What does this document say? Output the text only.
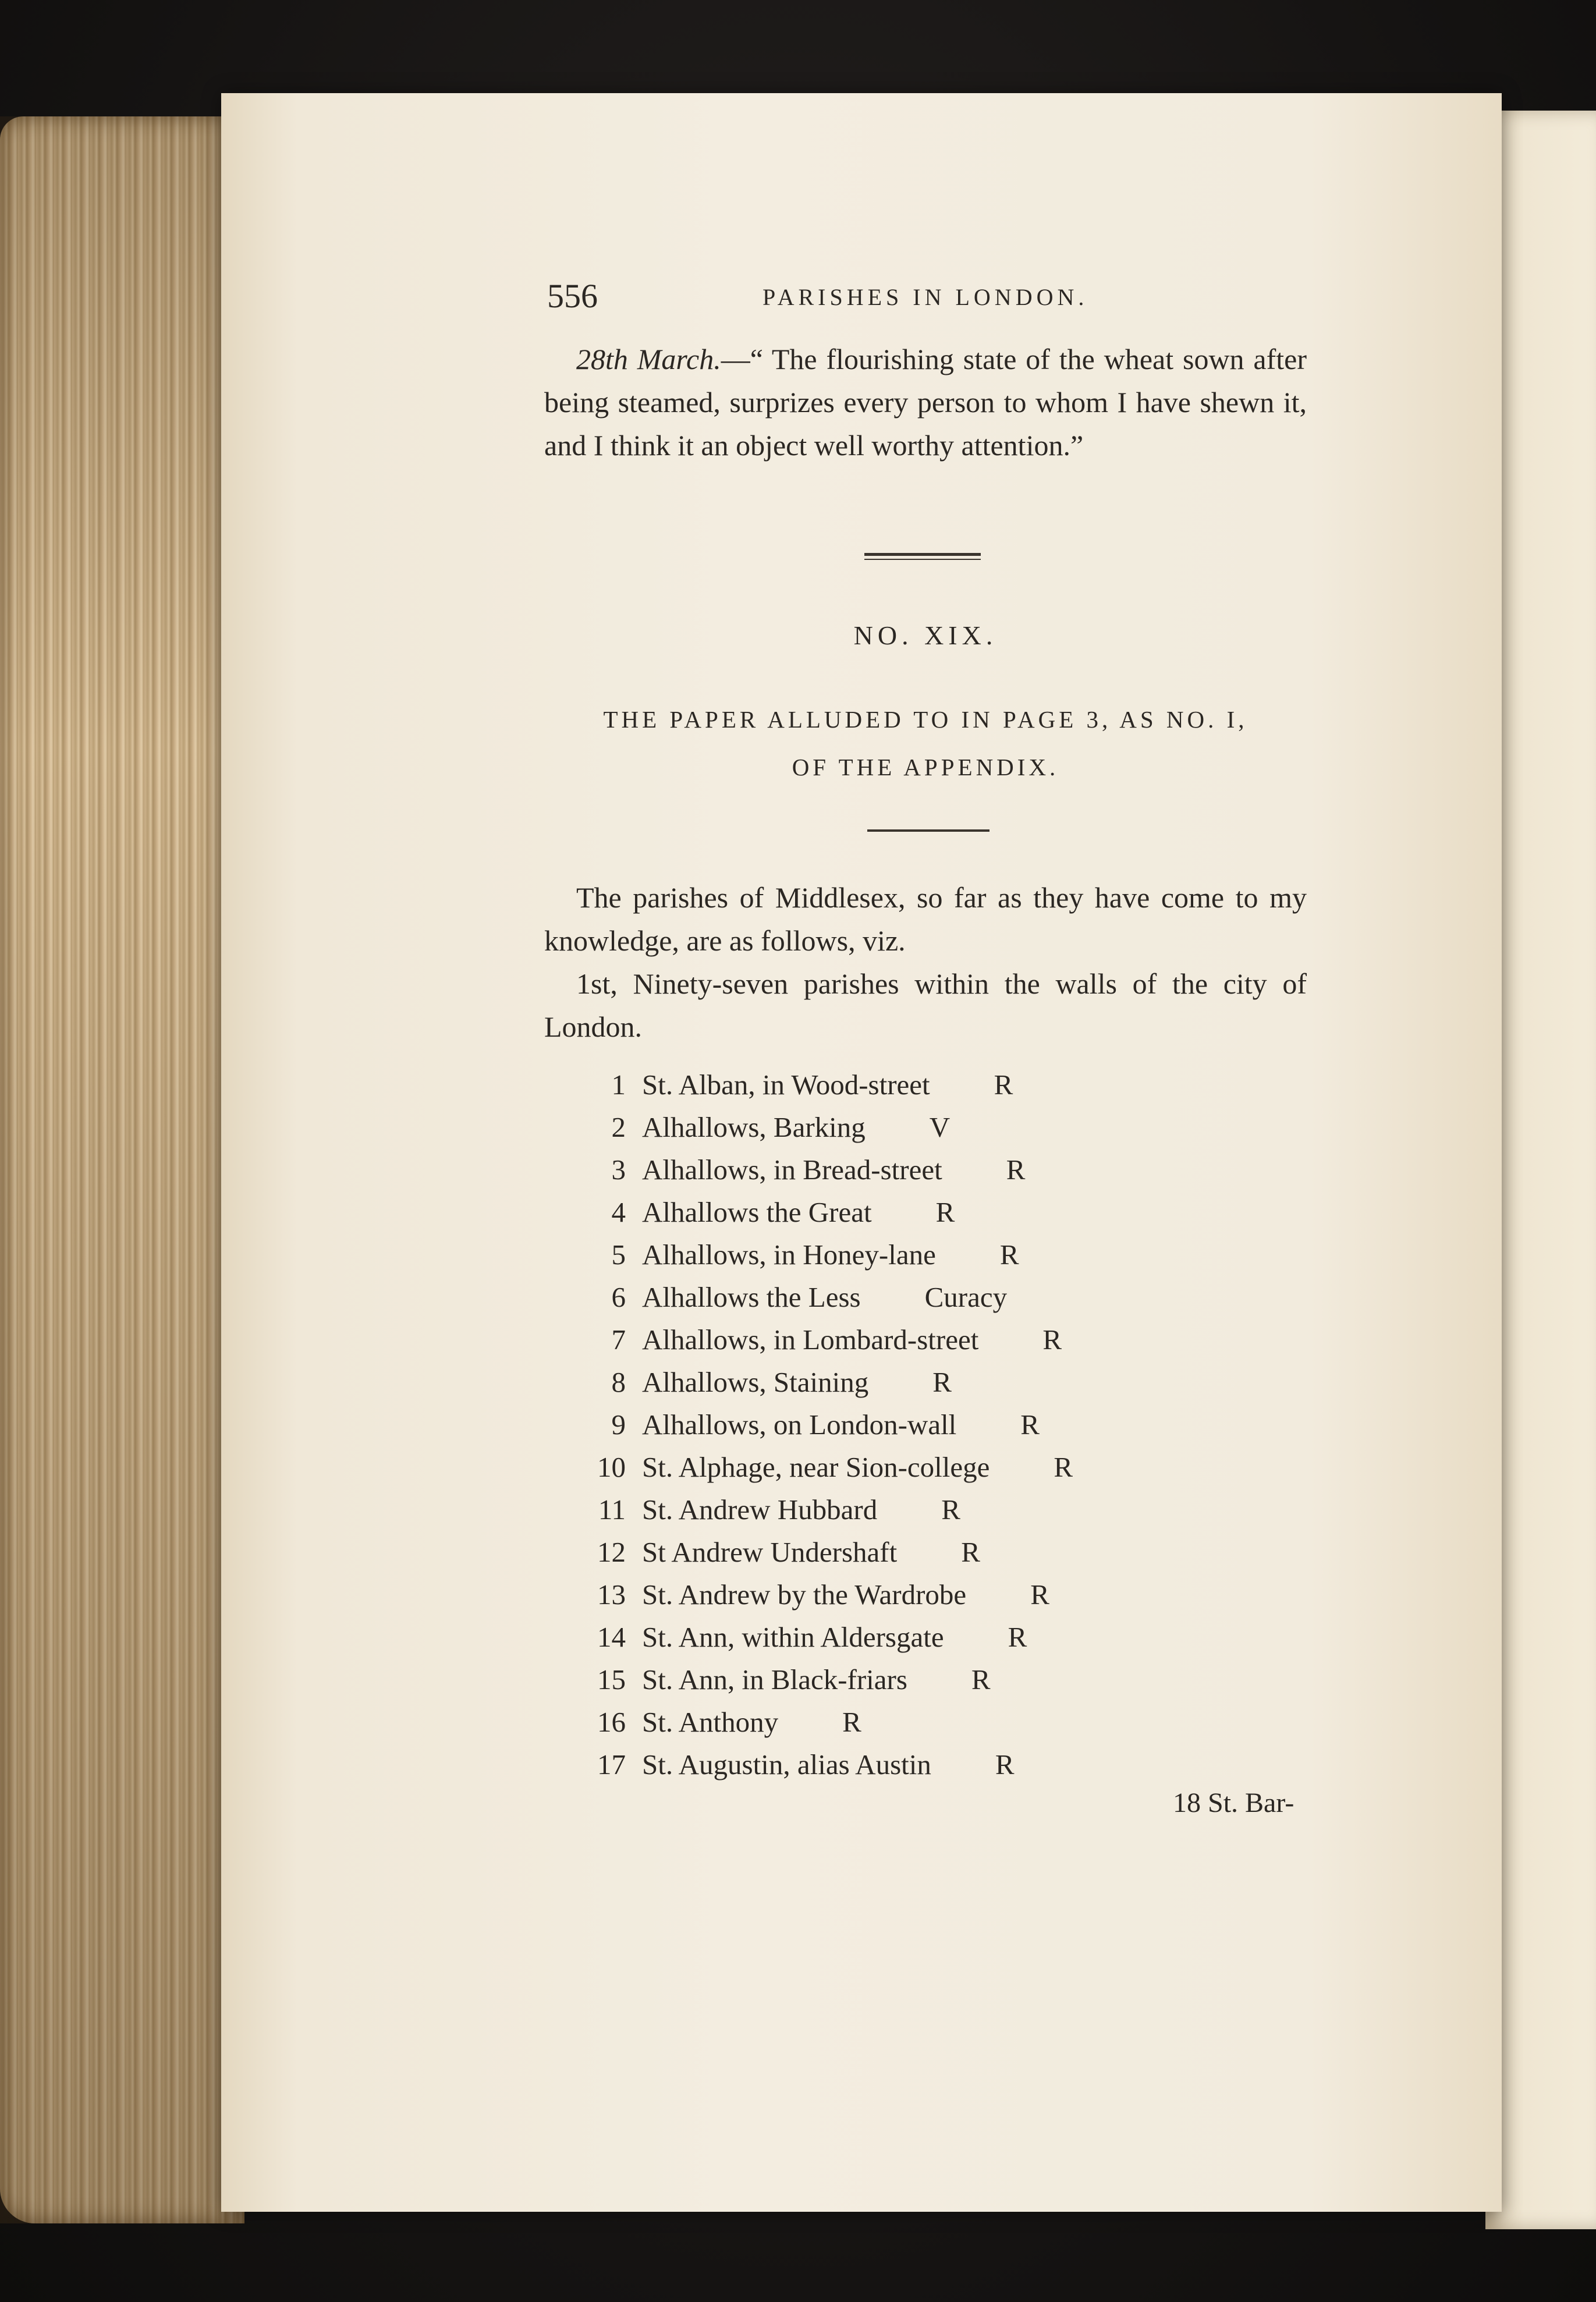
556	PARISHES IN LONDON.

28th March.—“ The flourishing state of the wheat sown after being steamed, surprizes every person to whom I have shewn it, and I think it an object well worthy attention.”

NO. XIX.

THE PAPER ALLUDED TO IN PAGE 3, AS NO. I,
OF THE APPENDIX.

The parishes of Middlesex, so far as they have come to my knowledge, are as follows, viz.

1st, Ninety-seven parishes within the walls of the city of London.

1 St. Alban, in Wood-street R
2 Alhallows, Barking V
3 Alhallows, in Bread-street R
4 Alhallows the Great R
5 Alhallows, in Honey-lane R
6 Alhallows the Less Curacy
7 Alhallows, in Lombard-street R
8 Alhallows, Staining R
9 Alhallows, on London-wall R
10 St. Alphage, near Sion-college R
11 St. Andrew Hubbard R
12 St Andrew Undershaft R
13 St. Andrew by the Wardrobe R
14 St. Ann, within Aldersgate R
15 St. Ann, in Black-friars R
16 St. Anthony R
17 St. Augustin, alias Austin R
18 St. Bar-
